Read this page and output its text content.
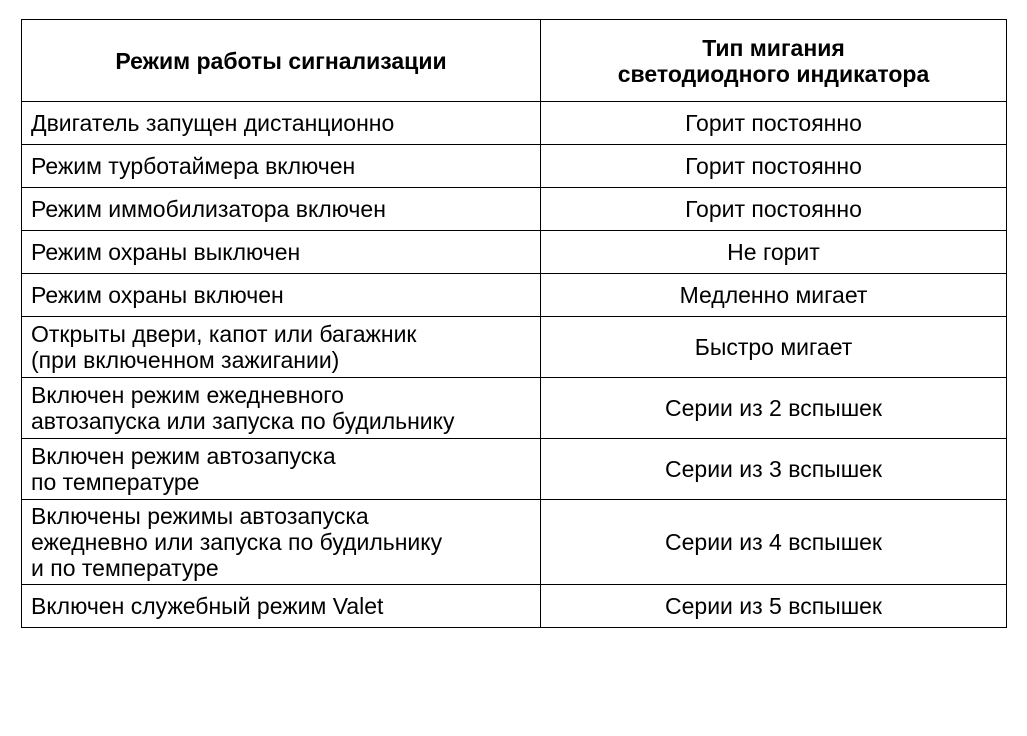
Режим работы сигнализации	Тип мигания
светодиодного индикатора

Двигатель запущен дистанционно	Горит постоянно
Режим турботаймера включен	Горит постоянно
Режим иммобилизатора включен	Горит постоянно
Режим охраны выключен	Не горит
Режим охраны включен	Медленно мигает
Открыты двери, капот или багажник
(при включенном зажигании)	Быстро мигает
Включен режим ежедневного
автозапуска или запуска по будильнику	Серии из 2 вспышек
Включен режим автозапуска
по температуре	Серии из 3 вспышек
Включены режимы автозапуска
ежедневно или запуска по будильнику
и по температуре	Серии из 4 вспышек
Включен служебный режим Valet	Серии из 5 вспышек
